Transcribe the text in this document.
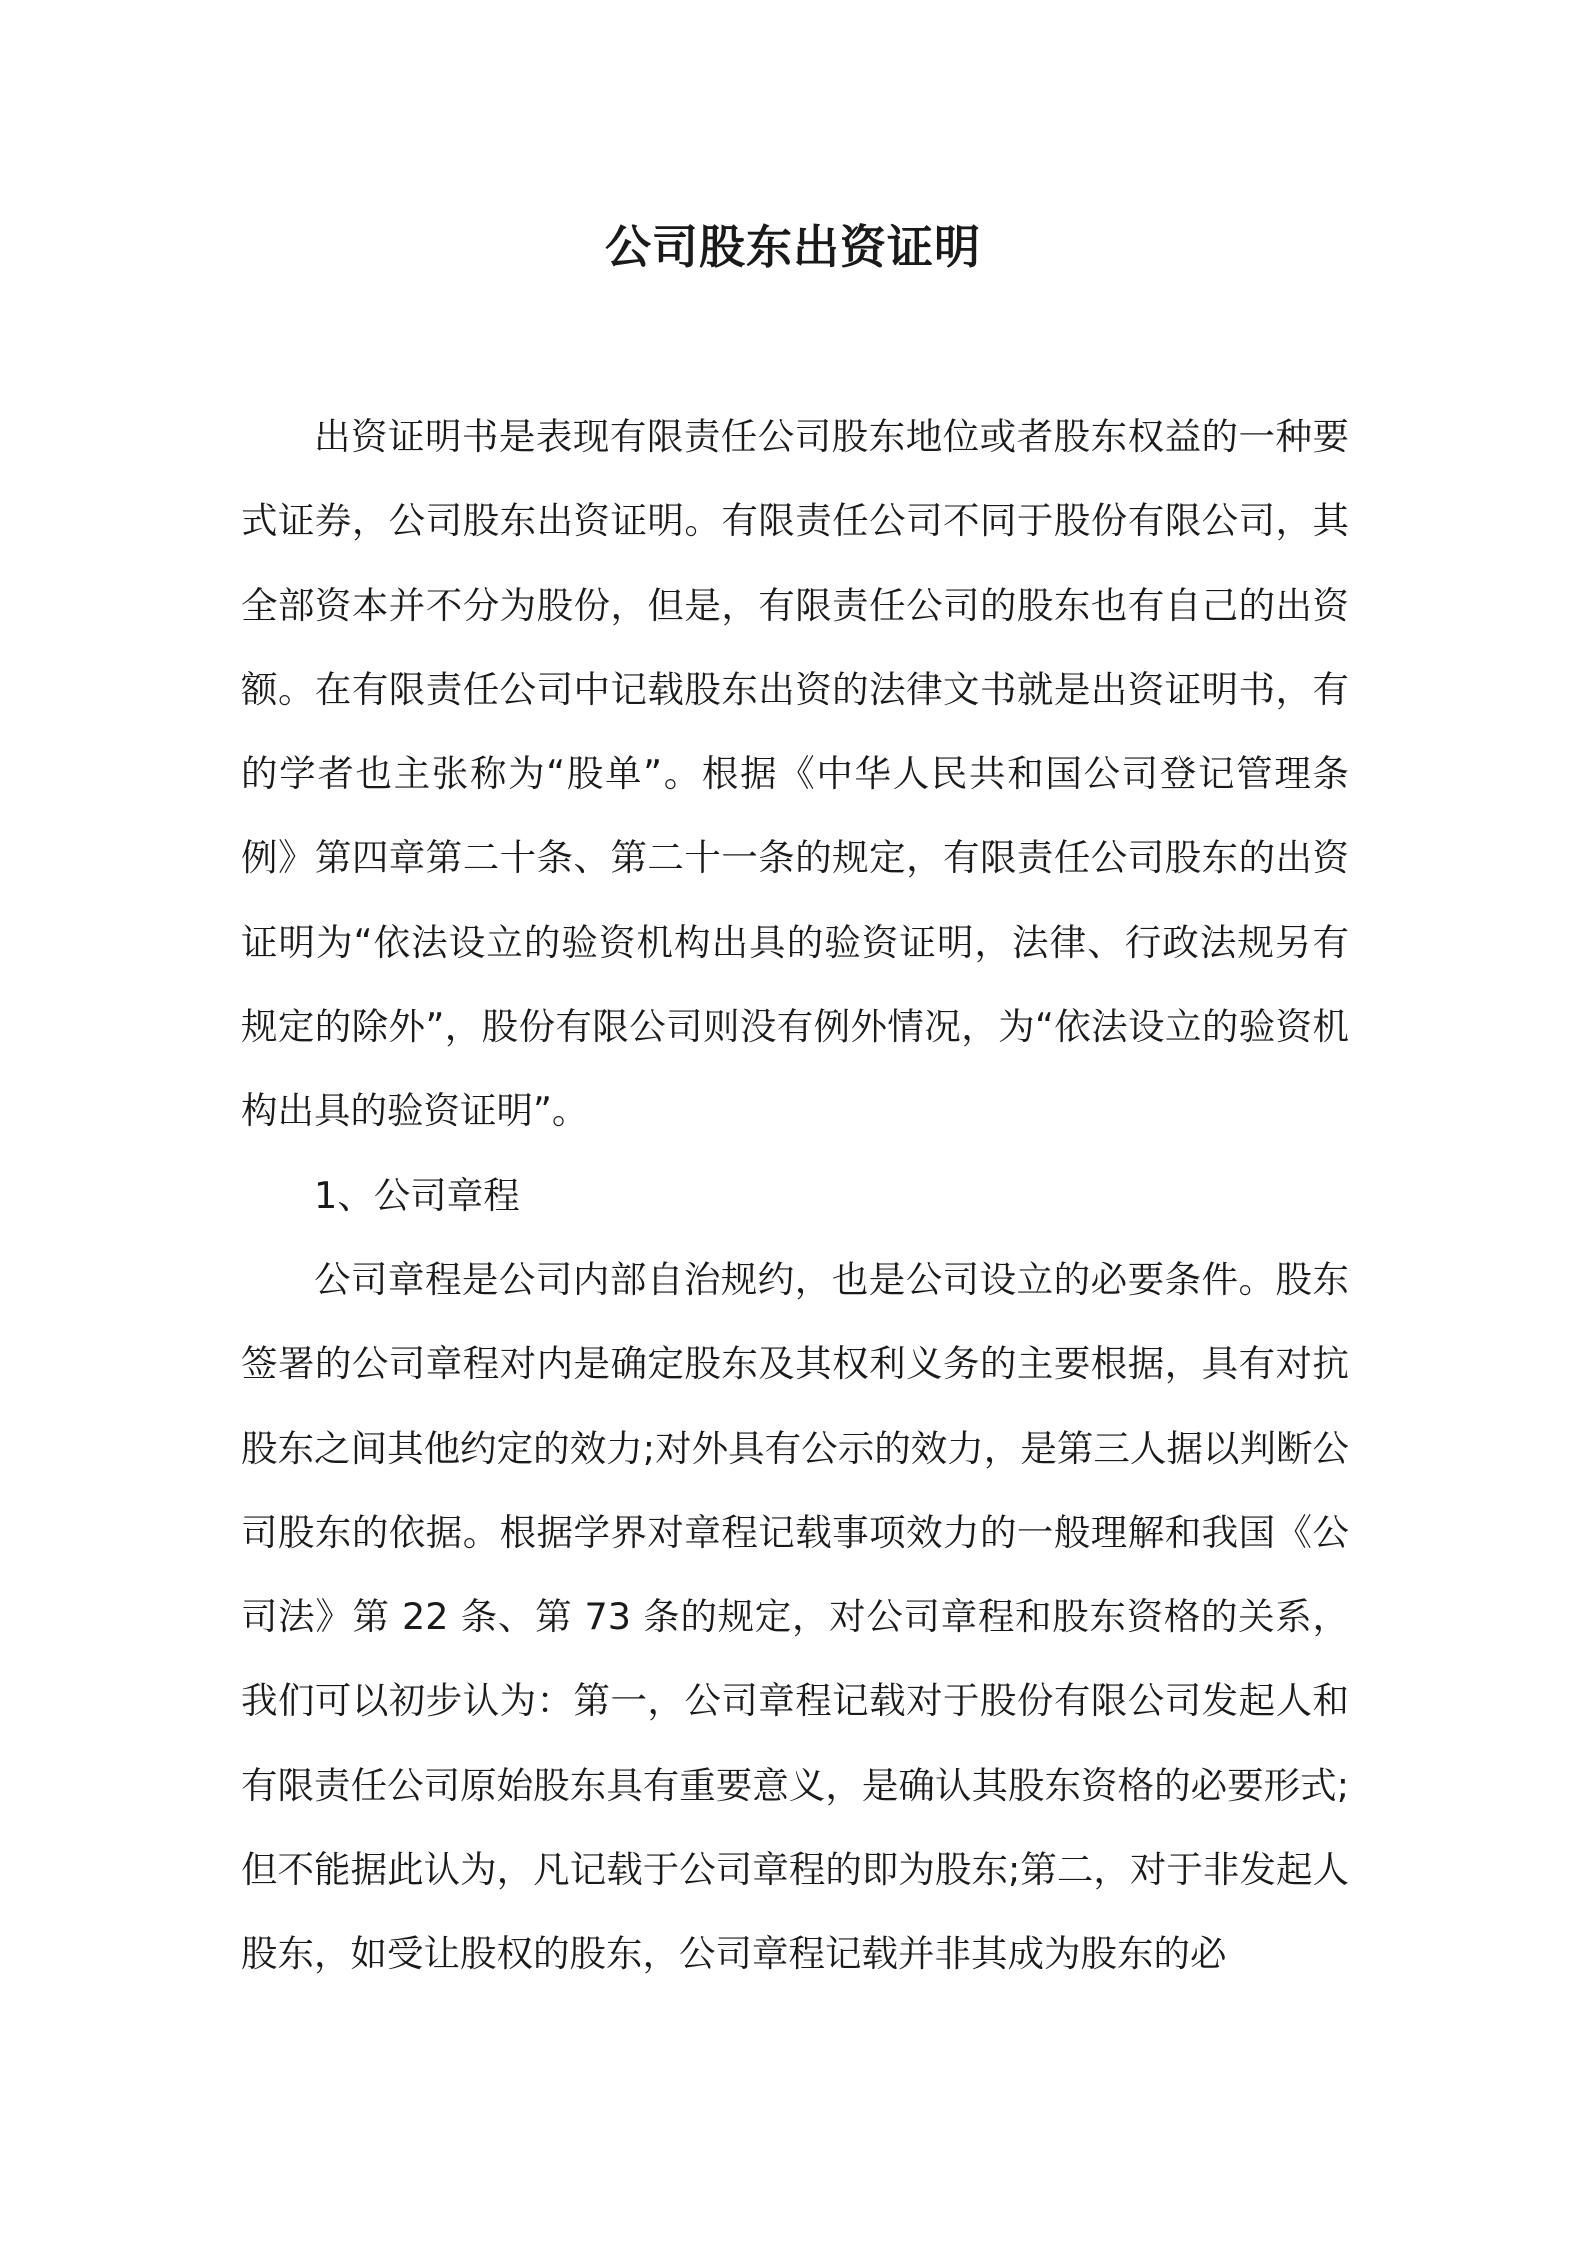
公司股东出资证明

出资证明书是表现有限责任公司股东地位或者股东权益的一种要式证券，公司股东出资证明。有限责任公司不同于股份有限公司，其全部资本并不分为股份，但是，有限责任公司的股东也有自己的出资额。在有限责任公司中记载股东出资的法律文书就是出资证明书，有的学者也主张称为“股单”。根据《中华人民共和国公司登记管理条例》第四章第二十条、第二十一条的规定，有限责任公司股东的出资证明为“依法设立的验资机构出具的验资证明，法律、行政法规另有规定的除外”，股份有限公司则没有例外情况，为“依法设立的验资机构出具的验资证明”。

1、公司章程

公司章程是公司内部自治规约，也是公司设立的必要条件。股东签署的公司章程对内是确定股东及其权利义务的主要根据，具有对抗股东之间其他约定的效力;对外具有公示的效力，是第三人据以判断公司股东的依据。根据学界对章程记载事项效力的一般理解和我国《公司法》第 22 条、第 73 条的规定，对公司章程和股东资格的关系，我们可以初步认为：第一，公司章程记载对于股份有限公司发起人和有限责任公司原始股东具有重要意义，是确认其股东资格的必要形式;但不能据此认为，凡记载于公司章程的即为股东;第二，对于非发起人股东，如受让股权的股东，公司章程记载并非其成为股东的必
